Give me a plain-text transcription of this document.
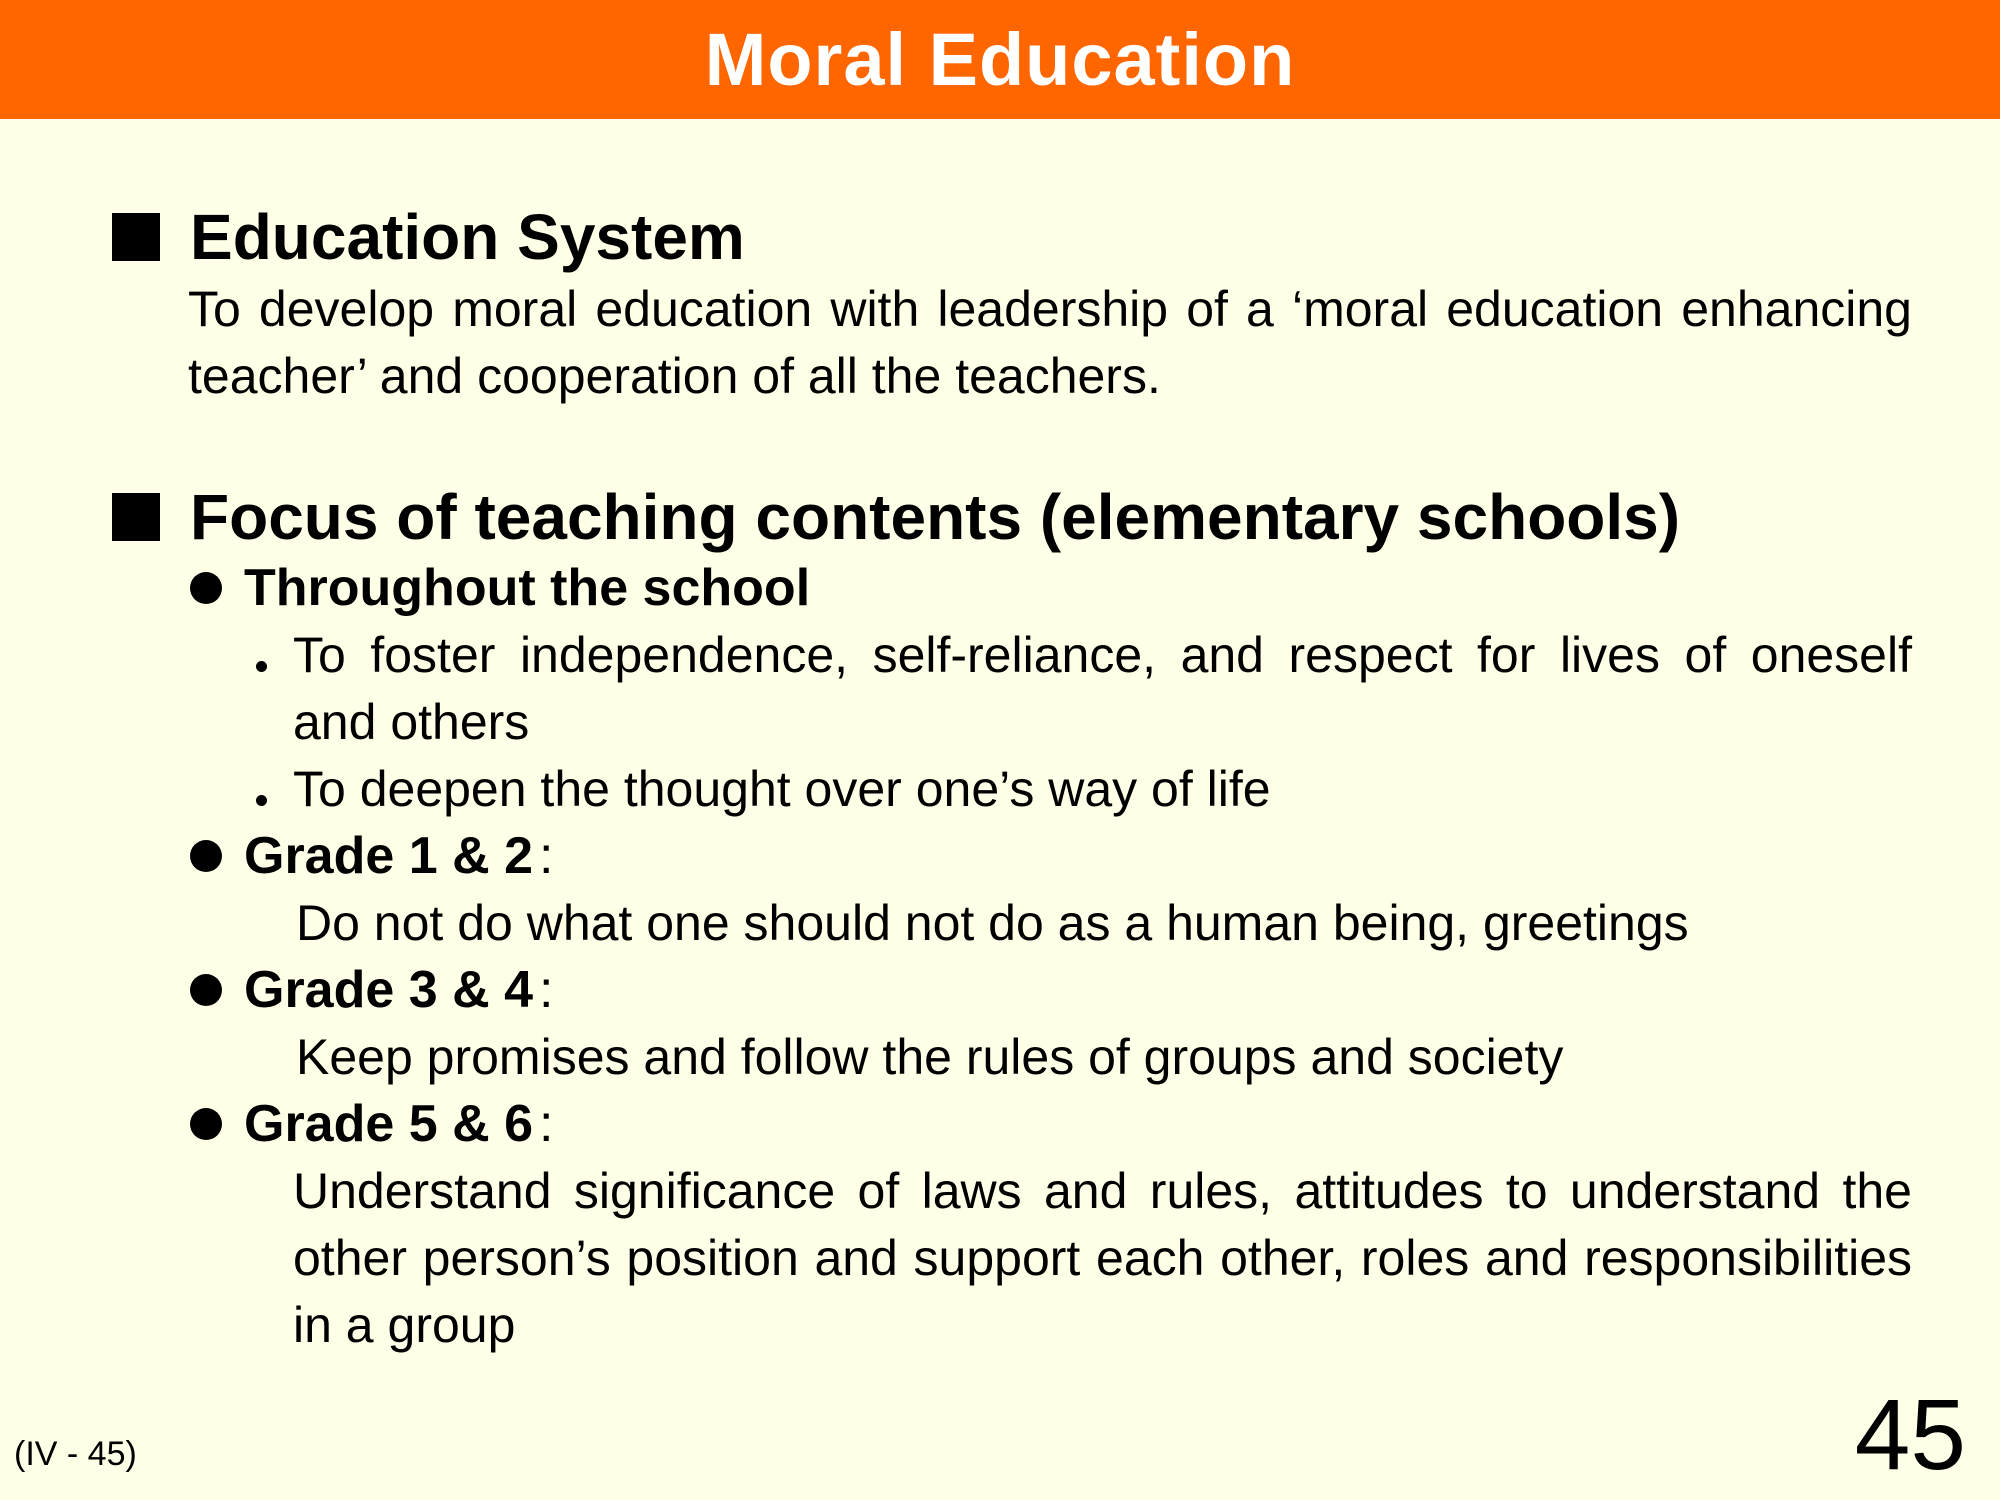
Moral Education
Education System
To develop moral education with leadership of a ‘moral education enhancing teacher’ and cooperation of all the teachers.
Focus of teaching contents (elementary schools)
Throughout the school
To foster independence, self-reliance, and respect for lives of oneself and others
To deepen the thought over one’s way of life
Grade 1 & 2 :
Do not do what one should not do as a human being, greetings
Grade 3 & 4 :
Keep promises and follow the rules of groups and society
Grade 5 & 6 :
Understand significance of laws and rules, attitudes to understand the other person’s position and support each other, roles and responsibilities in a group
(IV - 45)	45
